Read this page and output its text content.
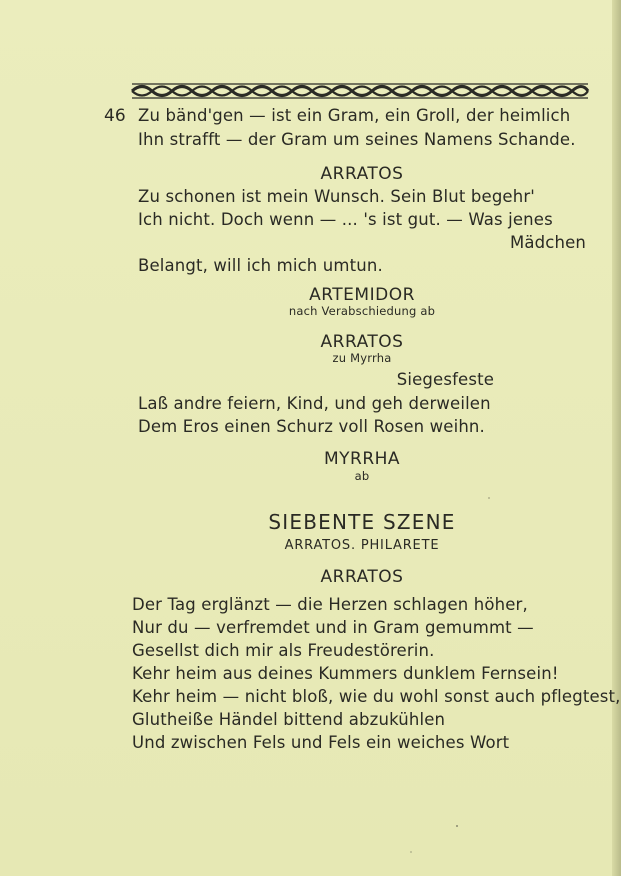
46 Zu bänd'gen — ist ein Gram, ein Groll, der heimlich
Ihn strafft — der Gram um seines Namens Schande.
ARRATOS
Zu schonen ist mein Wunsch. Sein Blut begehr'
Ich nicht. Doch wenn — ... 's ist gut. — Was jenes
Mädchen
Belangt, will ich mich umtun.
ARTEMIDOR
nach Verabschiedung ab
ARRATOS
zu Myrrha
Siegesfeste
Laß andre feiern, Kind, und geh derweilen
Dem Eros einen Schurz voll Rosen weihn.
MYRRHA
ab
SIEBENTE SZENE
ARRATOS. PHILARETE
ARRATOS
Der Tag erglänzt — die Herzen schlagen höher,
Nur du — verfremdet und in Gram gemummt —
Gesellst dich mir als Freudestörerin.
Kehr heim aus deines Kummers dunklem Fernsein!
Kehr heim — nicht bloß, wie du wohl sonst auch pflegtest,
Glutheiße Händel bittend abzukühlen
Und zwischen Fels und Fels ein weiches Wort
